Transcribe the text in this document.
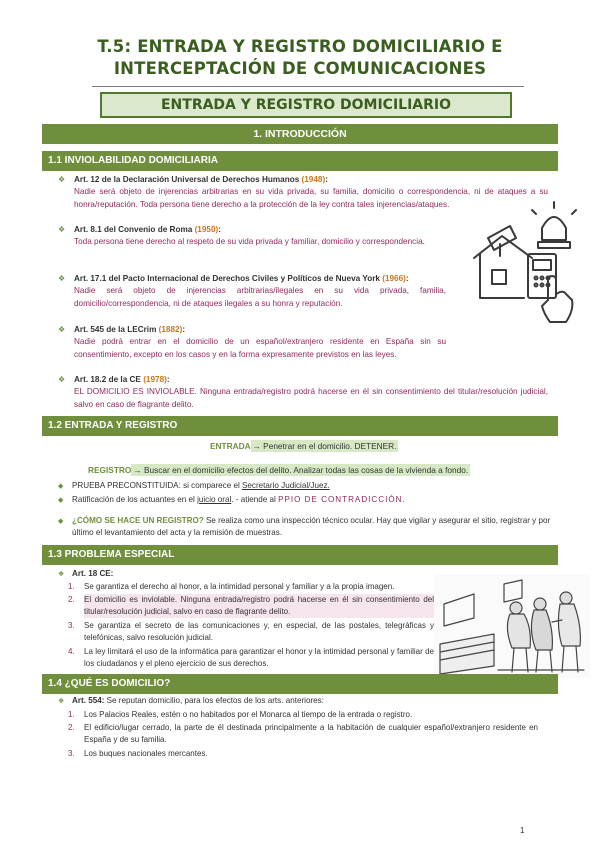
T.5: ENTRADA Y REGISTRO DOMICILIARIO E
INTERCEPTACIÓN DE COMUNICACIONES
ENTRADA Y REGISTRO DOMICILIARIO
1. INTRODUCCIÓN
1.1 INVIOLABILIDAD DOMICILIARIA
❖ Art. 12 de la Declaración Universal de Derechos Humanos (1948):
Nadie será objeto de injerencias arbitrarias en su vida privada, su familia, domicilio o correspondencia, ni de ataques a su honra/reputación. Toda persona tiene derecho a la protección de la ley contra tales injerencias/ataques.
❖ Art. 8.1 del Convenio de Roma (1950):
Toda persona tiene derecho al respeto de su vida privada y familiar, domicilio y correspondencia.
❖ Art. 17.1 del Pacto Internacional de Derechos Civiles y Políticos de Nueva York (1966):
Nadie será objeto de injerencias arbitrarias/ilegales en su vida privada, familia, domicilio/correspondencia, ni de ataques ilegales a su honra y reputación.
❖ Art. 545 de la LECrim (1882):
Nadie podrá entrar en el domicilio de un español/extranjero residente en España sin su consentimiento, excepto en los casos y en la forma expresamente previstos en las leyes.
❖ Art. 18.2 de la CE (1978):
EL DOMICILIO ES INVIOLABLE. Ninguna entrada/registro podrá hacerse en él sin consentimiento del titular/resolución judicial, salvo en caso de flagrante delito.
1.2 ENTRADA Y REGISTRO
ENTRADA → Penetrar en el domicilio. DETENER.
REGISTRO → Buscar en el domicilio efectos del delito. Analizar todas las cosas de la vivienda a fondo.
◆ PRUEBA PRECONSTITUIDA: si comparece el Secretario Judicial/Juez.
◆ Ratificación de los actuantes en el juicio oral. - atiende al PPIO DE CONTRADICCIÓN.
◆ ¿CÓMO SE HACE UN REGISTRO? Se realiza como una inspección técnico ocular. Hay que vigilar y asegurar el sitio, registrar y por último el levantamiento del acta y la remisión de muestras.
1.3 PROBLEMA ESPECIAL
❖ Art. 18 CE:
1. Se garantiza el derecho al honor, a la intimidad personal y familiar y a la propia imagen.
2. El domicilio es inviolable. Ninguna entrada/registro podrá hacerse en él sin consentimiento del titular/resolución judicial, salvo en caso de flagrante delito.
3. Se garantiza el secreto de las comunicaciones y, en especial, de las postales, telegráficas y telefónicas, salvo resolución judicial.
4. La ley limitará el uso de la informática para garantizar el honor y la intimidad personal y familiar de los ciudadanos y el pleno ejercicio de sus derechos.
1.4 ¿QUÉ ES DOMICILIO?
❖ Art. 554: Se reputan domicilio, para los efectos de los arts. anteriores:
1. Los Palacios Reales, estén o no habitados por el Monarca al tiempo de la entrada o registro.
2. El edificio/lugar cerrado, la parte de él destinada principalmente a la habitación de cualquier español/extranjero residente en España y de su familia.
3. Los buques nacionales mercantes.
1
